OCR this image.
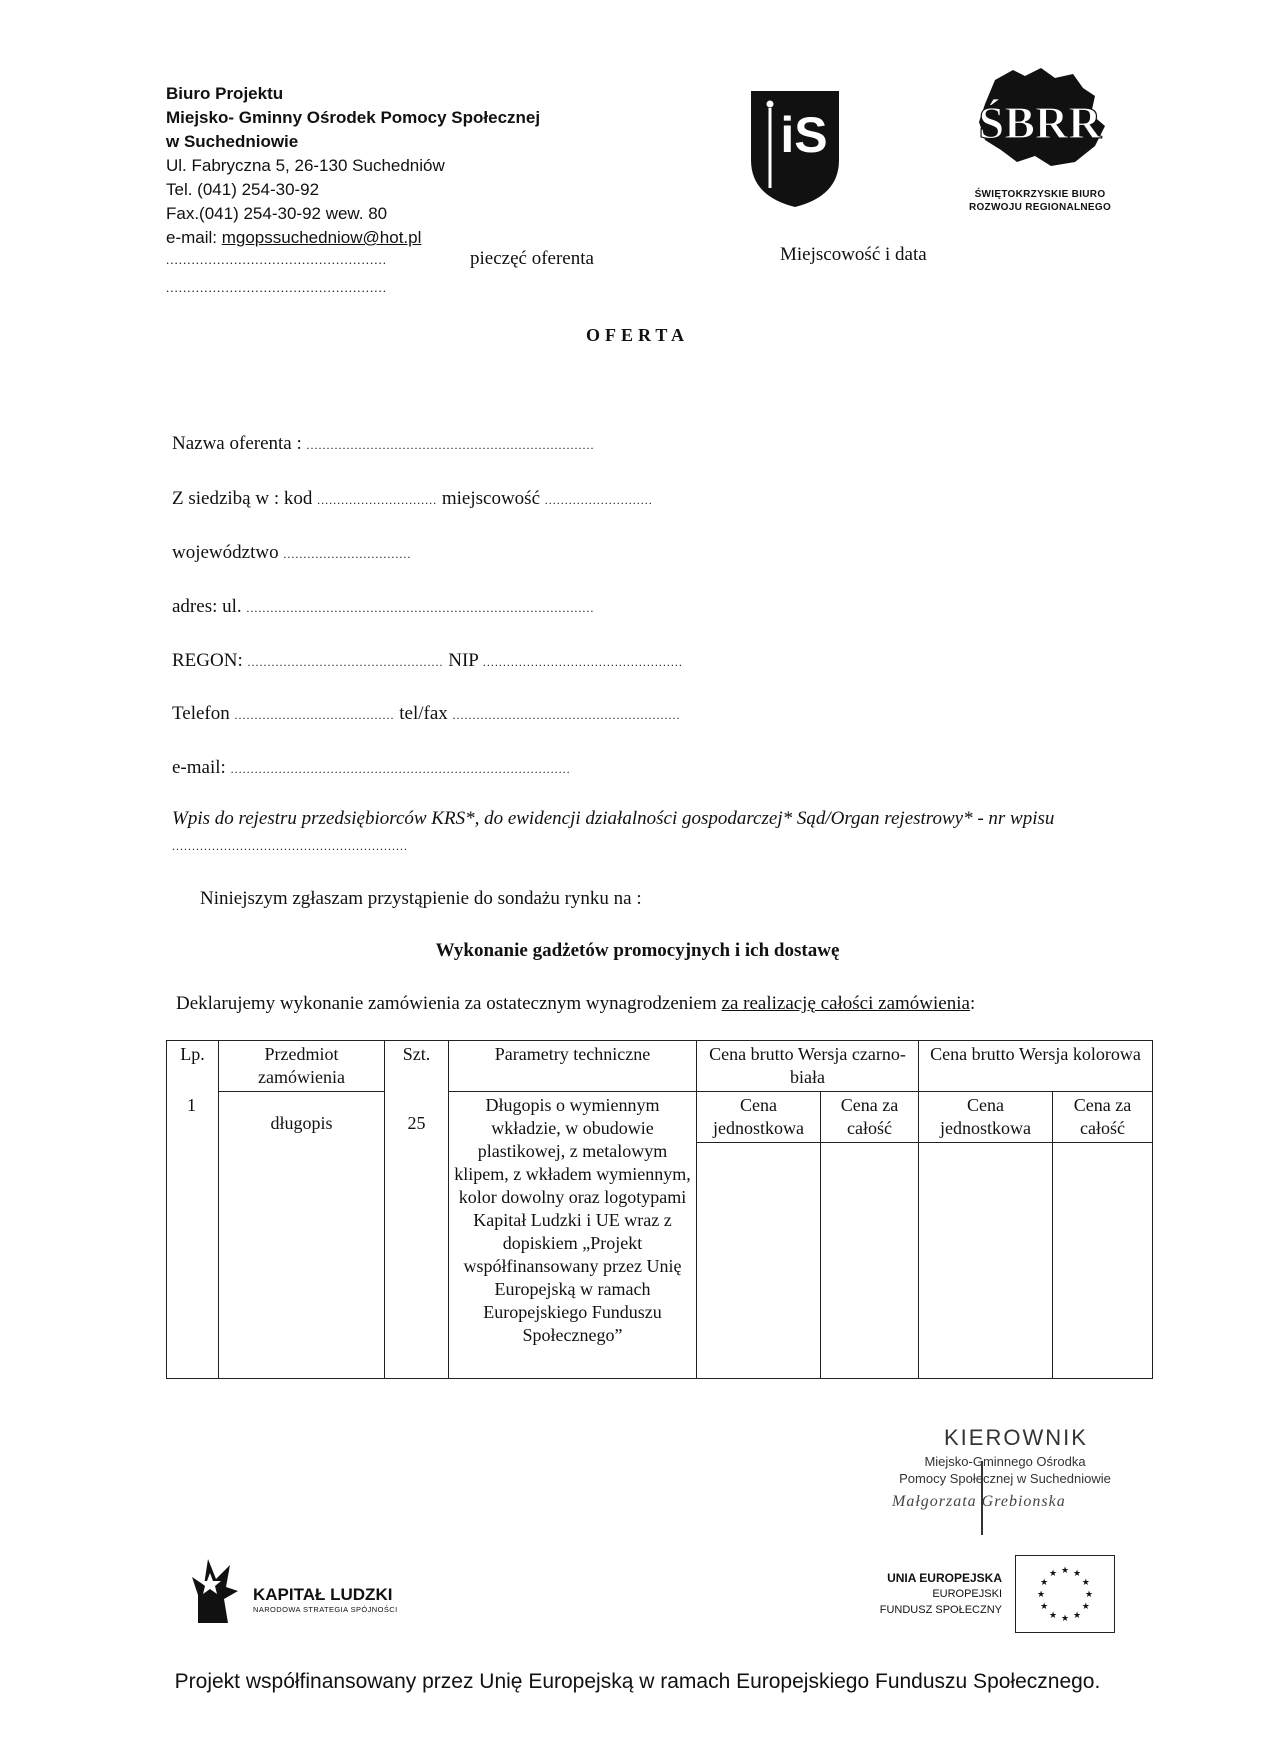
Biuro Projektu
Miejsko- Gminny Ośrodek Pomocy Społecznej
w Suchedniowie
Ul. Fabryczna 5, 26-130 Suchedniów
Tel. (041) 254-30-92
Fax.(041) 254-30-92 wew. 80
e-mail: mgopssuchedniow@hot.pl
....................................................
....................................................
pieczęć oferenta	Miejscowość i data
iS	ŚBRR
ŚWIĘTOKRZYSKIE BIURO
ROZWOJU REGIONALNEGO
OFERTA
Nazwa oferenta : ........................................................................
Z siedzibą w : kod .............................. miejscowość ...........................
województwo ................................
adres: ul. .......................................................................................
REGON: ................................................. NIP ..................................................
Telefon ........................................ tel/fax .........................................................
e-mail: .....................................................................................
Wpis do rejestru przedsiębiorców KRS*, do ewidencji działalności gospodarczej* Sąd/Organ rejestrowy* - nr wpisu ...........................................................
Niniejszym zgłaszam przystąpienie do sondażu rynku na :
Wykonanie gadżetów promocyjnych i ich dostawę
Deklarujemy wykonanie zamówienia za ostatecznym wynagrodzeniem za realizację całości zamówienia:
Lp.	Przedmiot zamówienia	Szt.	Parametry techniczne	Cena brutto Wersja czarno-biała		Cena brutto Wersja kolorowa	
1	długopis	25	Długopis o wymiennym wkładzie, w obudowie plastikowej, z metalowym klipem, z wkładem wymiennym, kolor dowolny oraz logotypami Kapitał Ludzki i UE wraz z dopiskiem „Projekt współfinansowany przez Unię Europejską w ramach Europejskiego Funduszu Społecznego”	Cena jednostkowa	Cena za całość	Cena jednostkowa	Cena za całość

KIEROWNIK
Miejsko-Gminnego Ośrodka
Pomocy Społecznej w Suchedniowie
Małgorzata Grebionska
KAPITAŁ LUDZKI
NARODOWA STRATEGIA SPÓJNOŚCI
UNIA EUROPEJSKA
EUROPEJSKI
FUNDUSZ SPOŁECZNY
★
★
★
★
★
★
★
★
★ ★ ★
★
Projekt współfinansowany przez Unię Europejską w ramach Europejskiego Funduszu Społecznego.
